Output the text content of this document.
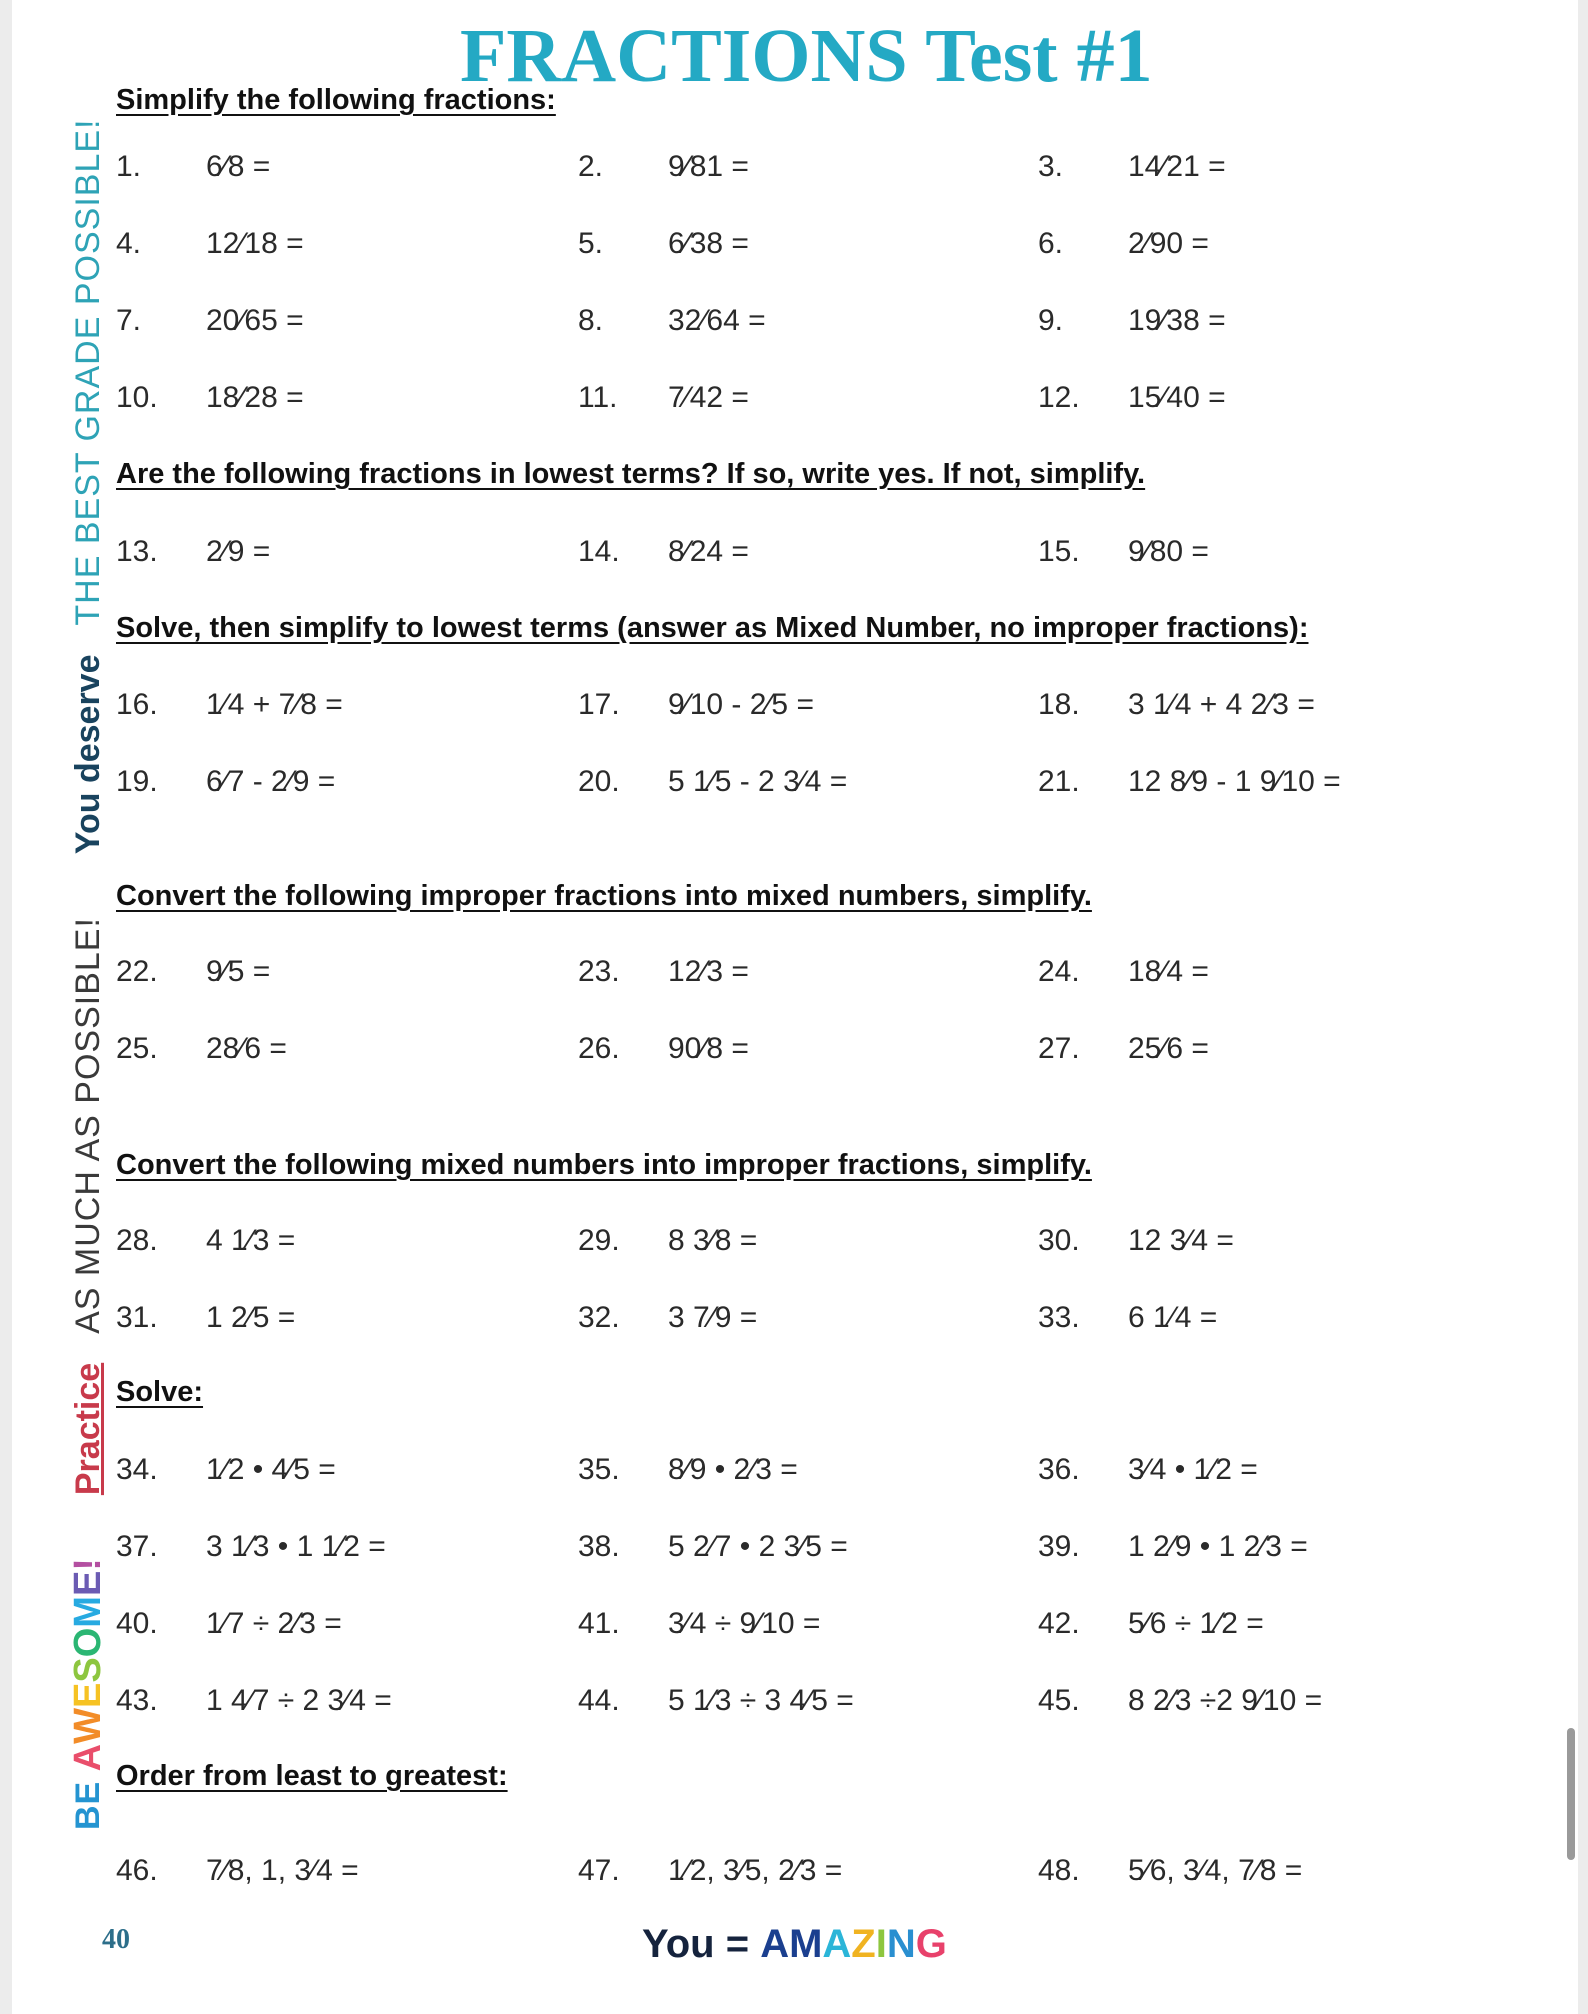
FRACTIONS Test #1
BE AWESOME!  Practice  AS MUCH AS POSSIBLE!  You deserve  THE BEST GRADE POSSIBLE!
Simplify the following fractions:
1. 6⁄8 =	2. 9⁄81 =	3. 14⁄21 =
4. 12⁄18 =	5. 6⁄38 =	6. 2⁄90 =
7. 20⁄65 =	8. 32⁄64 =	9. 19⁄38 =
10. 18⁄28 =	11. 7⁄42 =	12. 15⁄40 =
Are the following fractions in lowest terms? If so, write yes. If not, simplify.
13. 2⁄9 =	14. 8⁄24 =	15. 9⁄80 =
Solve, then simplify to lowest terms (answer as Mixed Number, no improper fractions):
16. 1⁄4 + 7⁄8 =	17. 9⁄10 - 2⁄5 =	18. 3 1⁄4 + 4 2⁄3 =
19. 6⁄7 - 2⁄9 =	20. 5 1⁄5 - 2 3⁄4 =	21. 12 8⁄9 - 1 9⁄10 =
Convert the following improper fractions into mixed numbers, simplify.
22. 9⁄5 =	23. 12⁄3 =	24. 18⁄4 =
25. 28⁄6 =	26. 90⁄8 =	27. 25⁄6 =
Convert the following mixed numbers into improper fractions, simplify.
28. 4 1⁄3 =	29. 8 3⁄8 =	30. 12 3⁄4 =
31. 1 2⁄5 =	32. 3 7⁄9 =	33. 6 1⁄4 =
Solve:
34. 1⁄2 • 4⁄5 =	35. 8⁄9 • 2⁄3 =	36. 3⁄4 • 1⁄2 =
37. 3 1⁄3 • 1 1⁄2 =	38. 5 2⁄7 • 2 3⁄5 =	39. 1 2⁄9 • 1 2⁄3 =
40. 1⁄7 ÷ 2⁄3 =	41. 3⁄4 ÷ 9⁄10 =	42. 5⁄6 ÷ 1⁄2 =
43. 1 4⁄7 ÷ 2 3⁄4 =	44. 5 1⁄3 ÷ 3 4⁄5 =	45. 8 2⁄3 ÷2 9⁄10 =
Order from least to greatest:
46. 7⁄8, 1, 3⁄4 =	47. 1⁄2, 3⁄5, 2⁄3 =	48. 5⁄6, 3⁄4, 7⁄8 =
40	You = AMAZING
